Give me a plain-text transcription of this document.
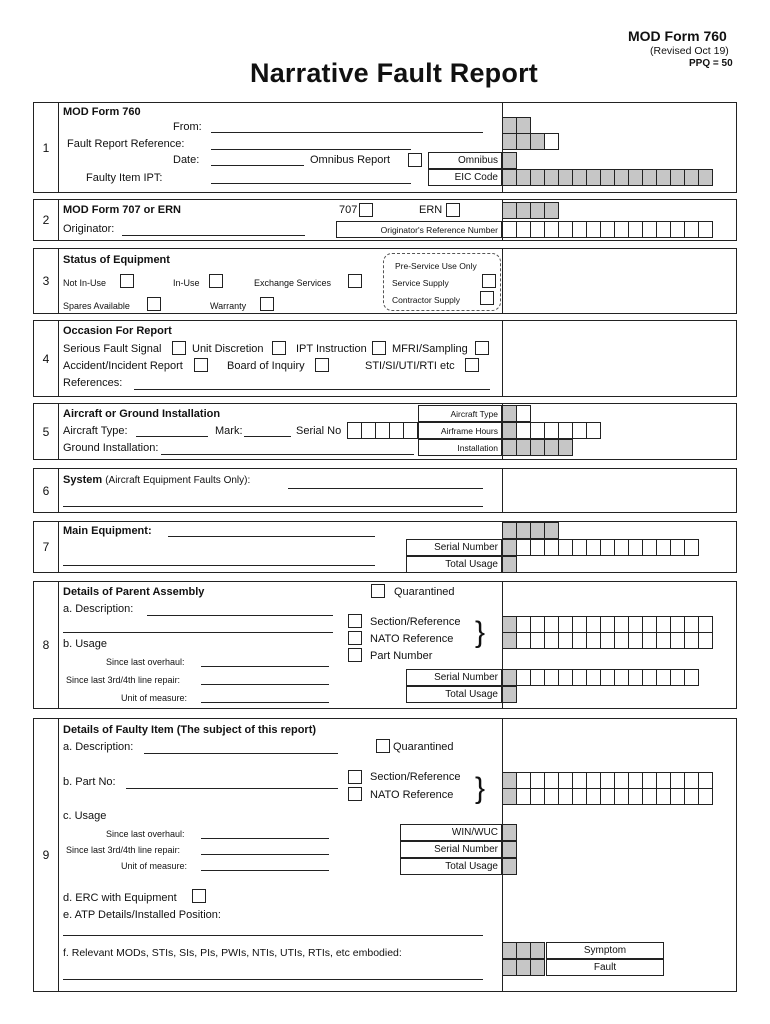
MOD Form 760
(Revised Oct 19)
PPQ = 50
Narrative Fault Report
1
MOD Form 760
From:
Fault Report Reference:
Date:	Omnibus Report
Faulty Item IPT:
Omnibus
EIC Code
2
MOD Form 707 or ERN	707	ERN
Originator:	Originator's Reference Number
3
Status of Equipment
Not In-Use	In-Use	Exchange Services
Spares Available	Warranty
Pre-Service Use Only
Service Supply
Contractor Supply
4
Occasion For Report
Serious Fault Signal	Unit Discretion	IPT Instruction MFRI/Sampling
Accident/Incident Report	Board of Inquiry	STI/SI/UTI/RTI etc
References:
5
Aircraft or Ground Installation
Aircraft Type:	Mark:	Serial No
Ground Installation:
Aircraft Type
Airframe Hours
Installation
6
System (Aircraft Equipment Faults Only):
7
Main Equipment:
Serial Number
Total Usage
8
Details of Parent Assembly	Quarantined
a. Description:
Section/Reference
NATO Reference
Part Number
}
b. Usage
Since last overhaul:
Since last 3rd/4th line repair:
Unit of measure:
Serial Number
Total Usage
9
Details of Faulty Item (The subject of this report)
a. Description:	Quarantined
b. Part No:	Section/Reference
NATO Reference }
c. Usage
Since last overhaul:
Since last 3rd/4th line repair:
Unit of measure:
WIN/WUC
Serial Number
Total Usage
d. ERC with Equipment
e. ATP Details/Installed Position:
f. Relevant MODs, STIs, SIs, PIs, PWIs, NTIs, UTIs, RTIs, etc embodied:	Symptom
Fault
